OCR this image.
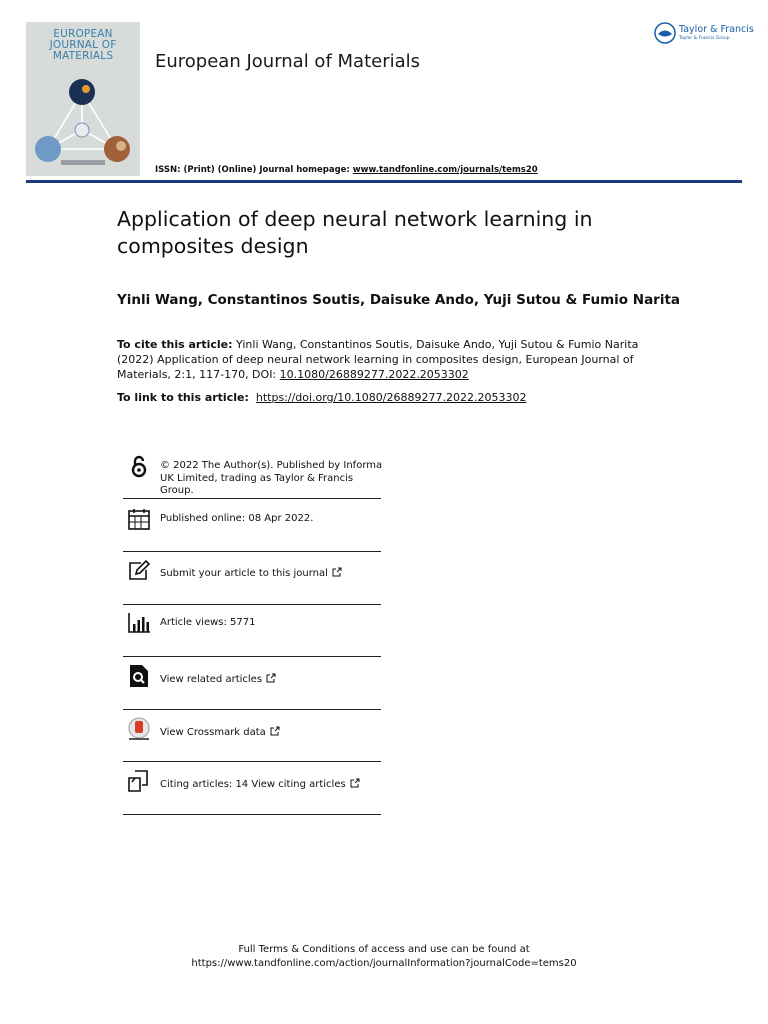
EUROPEAN
JOURNAL OF
MATERIALS	European Journal of Materials
Taylor & Francis
Taylor & Francis Group
ISSN: (Print) (Online) Journal homepage: www.tandfonline.com/journals/tems20
Application of deep neural network learning in composites design
Yinli Wang, Constantinos Soutis, Daisuke Ando, Yuji Sutou & Fumio Narita
To cite this article: Yinli Wang, Constantinos Soutis, Daisuke Ando, Yuji Sutou & Fumio Narita (2022) Application of deep neural network learning in composites design, European Journal of Materials, 2:1, 117-170, DOI: 10.1080/26889277.2022.2053302
To link to this article: https://doi.org/10.1080/26889277.2022.2053302
© 2022 The Author(s). Published by Informa UK Limited, trading as Taylor & Francis Group.
Published online: 08 Apr 2022.
Submit your article to this journal
Article views: 5771
View related articles
View Crossmark data
Citing articles: 14 View citing articles
Full Terms & Conditions of access and use can be found at
https://www.tandfonline.com/action/journalInformation?journalCode=tems20
